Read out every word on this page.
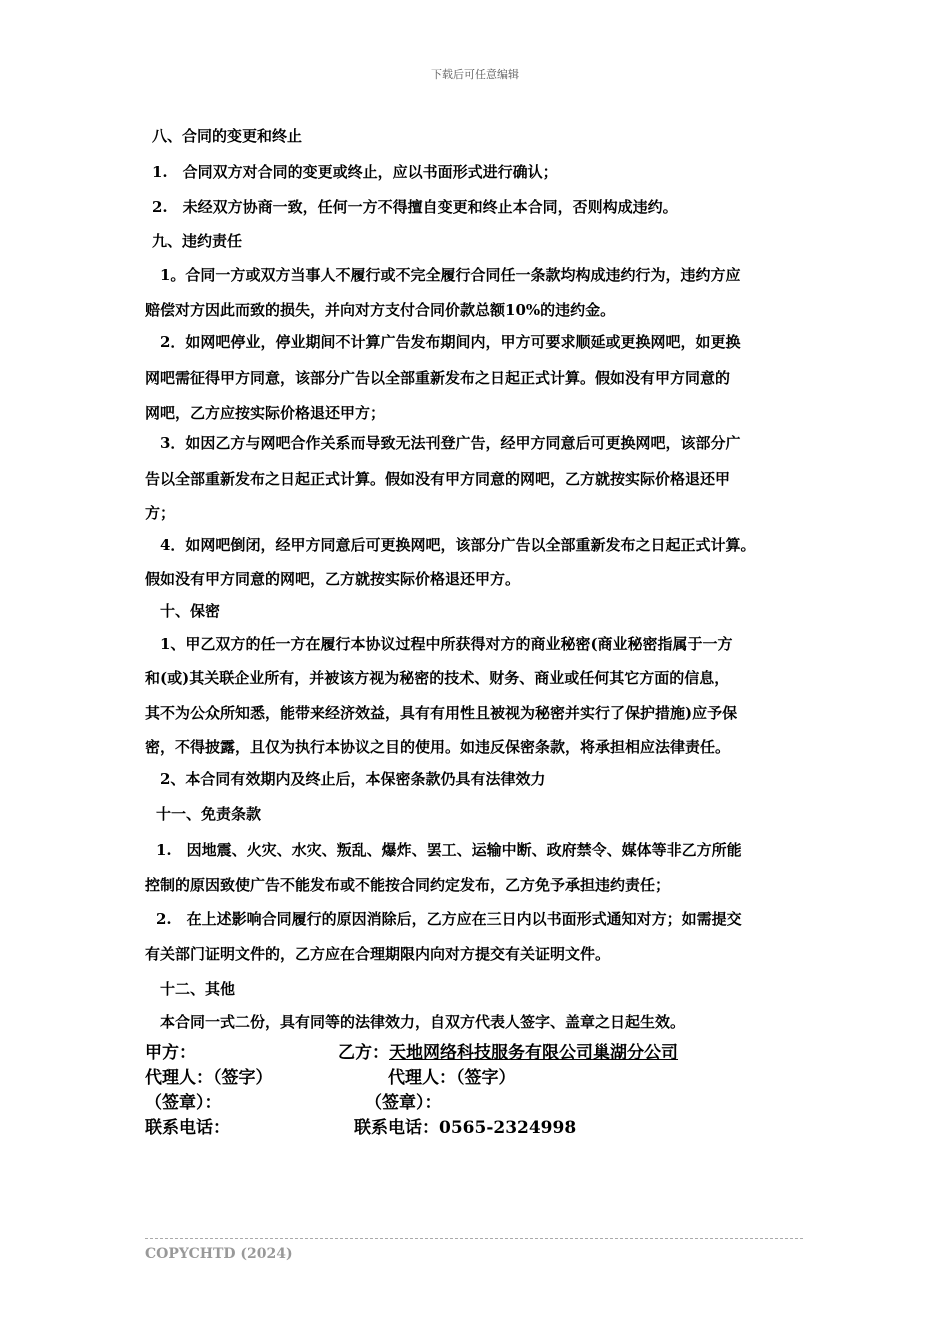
下载后可任意编辑
八、合同的变更和终止
1.　合同双方对合同的变更或终止，应以书面形式进行确认；
2.　未经双方协商一致，任何一方不得擅自变更和终止本合同，否则构成违约。
九、违约责任
1。合同一方或双方当事人不履行或不完全履行合同任一条款均构成违约行为，违约方应
赔偿对方因此而致的损失，并向对方支付合同价款总额10%的违约金。
2．如网吧停业，停业期间不计算广告发布期间内，甲方可要求顺延或更换网吧，如更换
网吧需征得甲方同意，该部分广告以全部重新发布之日起正式计算。假如没有甲方同意的
网吧，乙方应按实际价格退还甲方；
3．如因乙方与网吧合作关系而导致无法刊登广告，经甲方同意后可更换网吧，该部分广
告以全部重新发布之日起正式计算。假如没有甲方同意的网吧，乙方就按实际价格退还甲
方；
4．如网吧倒闭，经甲方同意后可更换网吧，该部分广告以全部重新发布之日起正式计算。
假如没有甲方同意的网吧，乙方就按实际价格退还甲方。
十、保密
1、甲乙双方的任一方在履行本协议过程中所获得对方的商业秘密(商业秘密指属于一方
和(或)其关联企业所有，并被该方视为秘密的技术、财务、商业或任何其它方面的信息，
其不为公众所知悉，能带来经济效益，具有有用性且被视为秘密并实行了保护措施)应予保
密，不得披露，且仅为执行本协议之目的使用。如违反保密条款，将承担相应法律责任。
2、本合同有效期内及终止后，本保密条款仍具有法律效力
十一、免责条款
1.　因地震、火灾、水灾、叛乱、爆炸、罢工、运输中断、政府禁令、媒体等非乙方所能
控制的原因致使广告不能发布或不能按合同约定发布，乙方免予承担违约责任；
2.　在上述影响合同履行的原因消除后，乙方应在三日内以书面形式通知对方；如需提交
有关部门证明文件的，乙方应在合理期限内向对方提交有关证明文件。
十二、其他
本合同一式二份，具有同等的法律效力，自双方代表人签字、盖章之日起生效。
甲方：	乙方：天地网络科技服务有限公司巢湖分公司
代理人：（签字）	代理人：（签字）
（签章）：	（签章）：
联系电话：	联系电话：0565-2324998
COPYCHTD (2024)
